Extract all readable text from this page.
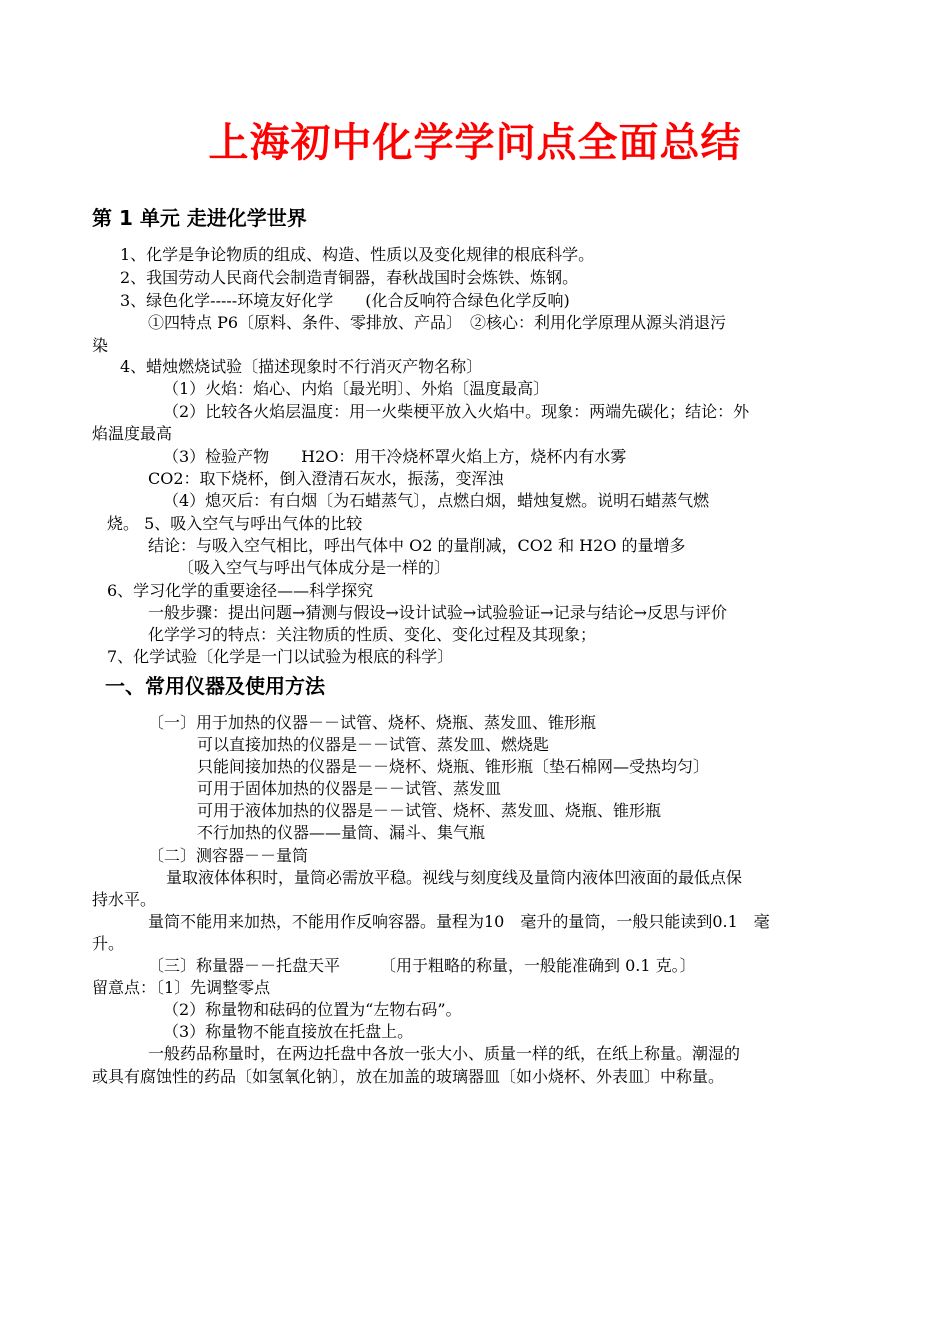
上海初中化学学问点全面总结
第 1 单元 走进化学世界
1、化学是争论物质的组成、构造、性质以及变化规律的根底科学。
2、我国劳动人民商代会制造青铜器，春秋战国时会炼铁、炼钢。
3、绿色化学-----环境友好化学　　(化合反响符合绿色化学反响)
①四特点 P6〔原料、条件、零排放、产品〕　②核心：利用化学原理从源头消退污
染
4、蜡烛燃烧试验〔描述现象时不行消灭产物名称〕
（1）火焰：焰心、内焰〔最光明〕、外焰〔温度最高〕
（2）比较各火焰层温度：用一火柴梗平放入火焰中。现象：两端先碳化；结论：外
焰温度最高
（3）检验产物　　H2O：用干冷烧杯罩火焰上方，烧杯内有水雾
CO2：取下烧杯，倒入澄清石灰水，振荡，变浑浊
（4）熄灭后：有白烟〔为石蜡蒸气〕，点燃白烟，蜡烛复燃。说明石蜡蒸气燃
烧。 5、吸入空气与呼出气体的比较
结论：与吸入空气相比，呼出气体中 O2 的量削减，CO2 和 H2O 的量增多
〔吸入空气与呼出气体成分是一样的〕
6、学习化学的重要途径——科学探究
一般步骤：提出问题→猜测与假设→设计试验→试验验证→记录与结论→反思与评价
化学学习的特点：关注物质的性质、变化、变化过程及其现象；
7、化学试验〔化学是一门以试验为根底的科学〕
一、常用仪器及使用方法
〔一〕用于加热的仪器－－试管、烧杯、烧瓶、蒸发皿、锥形瓶
可以直接加热的仪器是－－试管、蒸发皿、燃烧匙
只能间接加热的仪器是－－烧杯、烧瓶、锥形瓶〔垫石棉网—受热均匀〕
可用于固体加热的仪器是－－试管、蒸发皿
可用于液体加热的仪器是－－试管、烧杯、蒸发皿、烧瓶、锥形瓶
不行加热的仪器——量筒、漏斗、集气瓶
〔二〕测容器－－量筒
量取液体体积时，量筒必需放平稳。视线与刻度线及量筒内液体凹液面的最低点保
持水平。
量筒不能用来加热，不能用作反响容器。量程为10　毫升的量筒，一般只能读到0.1　毫
升。
〔三〕称量器－－托盘天平　　　〔用于粗略的称量，一般能准确到 0.1 克。〕
留意点：〔1〕先调整零点
（2）称量物和砝码的位置为“左物右码”。
（3）称量物不能直接放在托盘上。
一般药品称量时，在两边托盘中各放一张大小、质量一样的纸，在纸上称量。潮湿的
或具有腐蚀性的药品〔如氢氧化钠〕，放在加盖的玻璃器皿〔如小烧杯、外表皿〕中称量。
